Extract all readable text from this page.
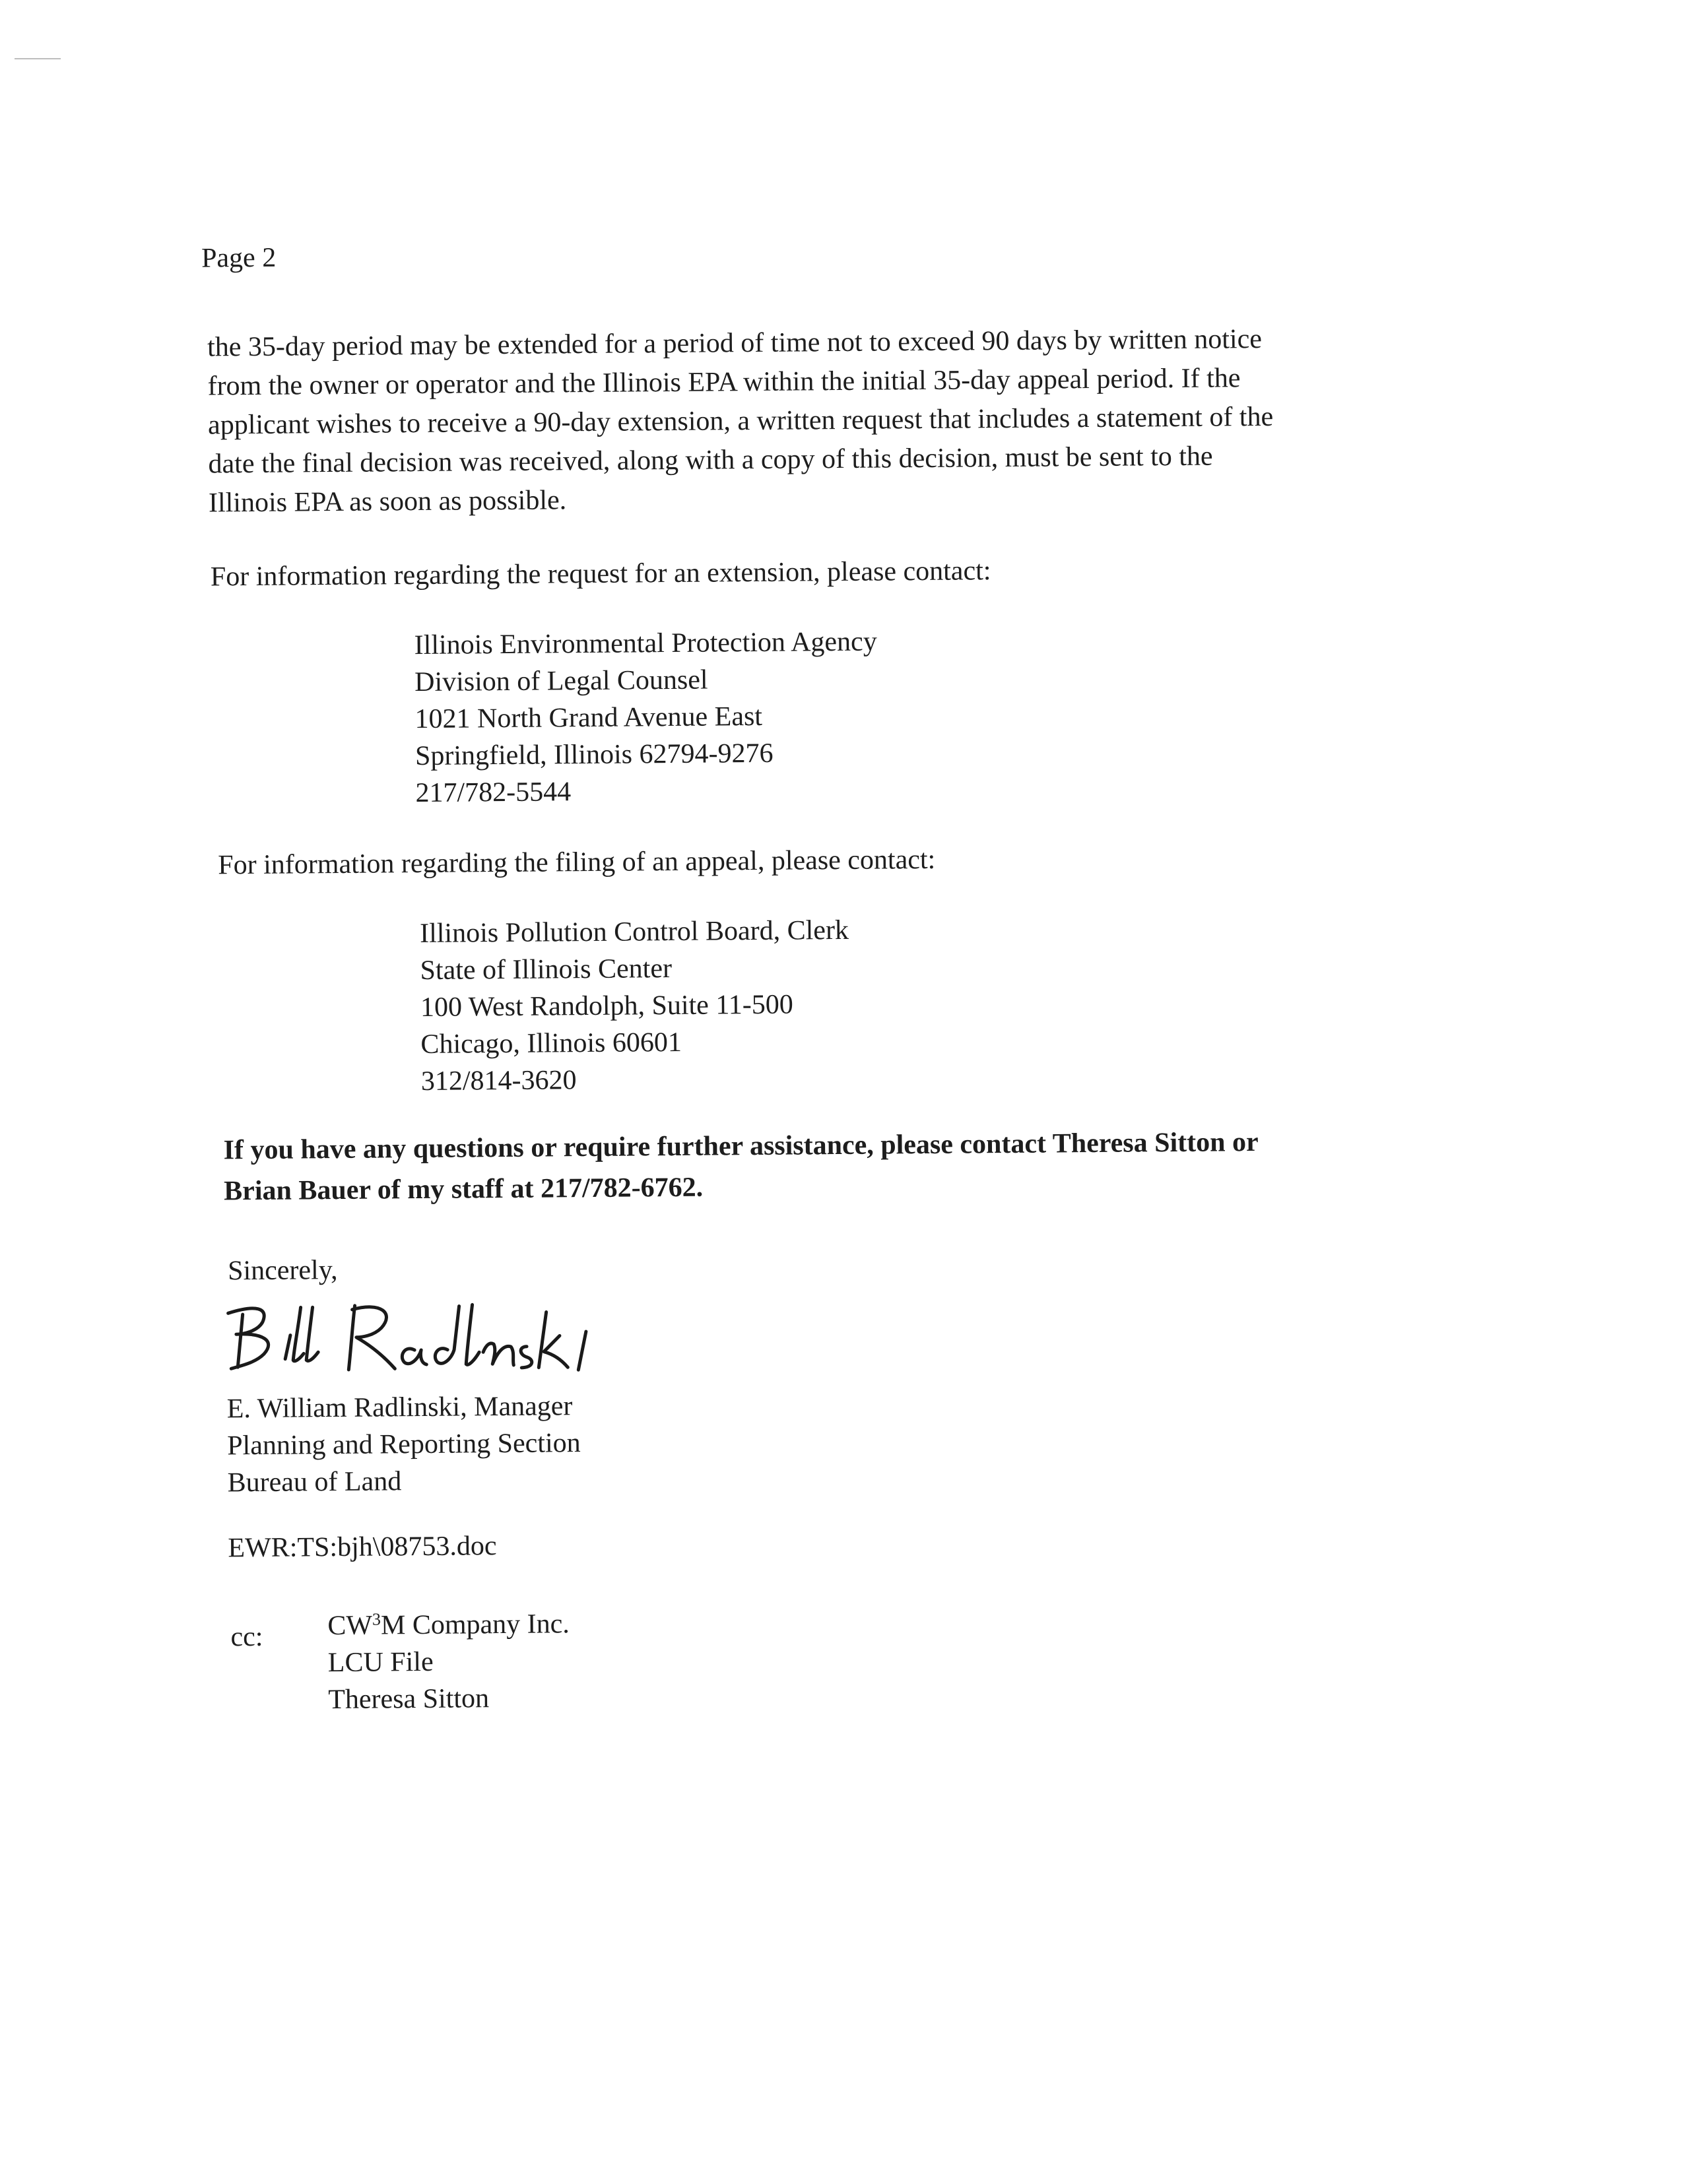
Page 2
the 35-day period may be extended for a period of time not to exceed 90 days by written notice
from the owner or operator and the Illinois EPA within the initial 35-day appeal period. If the
applicant wishes to receive a 90-day extension, a written request that includes a statement of the
date the final decision was received, along with a copy of this decision, must be sent to the
Illinois EPA as soon as possible.
For information regarding the request for an extension, please contact:
Illinois Environmental Protection Agency
Division of Legal Counsel
1021 North Grand Avenue East
Springfield, Illinois 62794-9276
217/782-5544
For information regarding the filing of an appeal, please contact:
Illinois Pollution Control Board, Clerk
State of Illinois Center
100 West Randolph, Suite 11-500
Chicago, Illinois 60601
312/814-3620
If you have any questions or require further assistance, please contact Theresa Sitton or
Brian Bauer of my staff at 217/782-6762.
Sincerely,
E. William Radlinski, Manager
Planning and Reporting Section
Bureau of Land
EWR:TS:bjh\08753.doc
cc: $CW^3M$ Company Inc.
LCU File
Theresa Sitton
